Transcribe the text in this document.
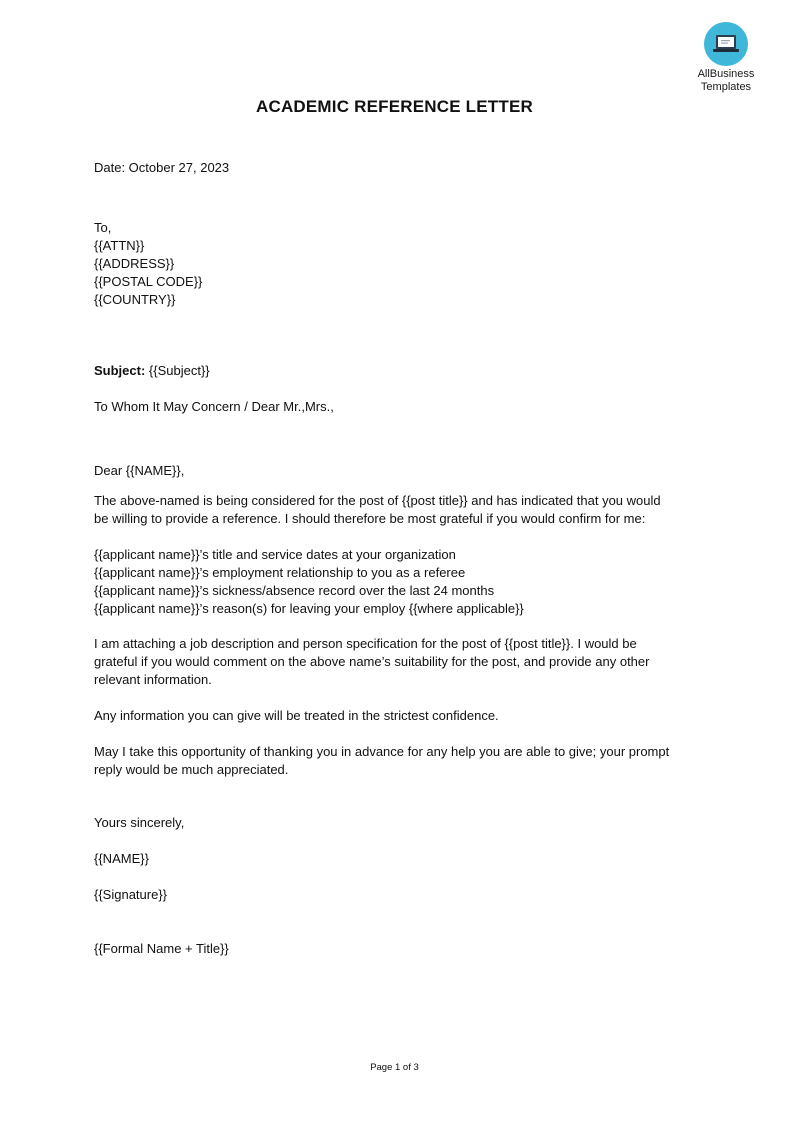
AllBusiness
Templates
ACADEMIC REFERENCE LETTER
Date: October 27, 2023
To,
{{ATTN}}
{{ADDRESS}}
{{POSTAL CODE}}
{{COUNTRY}}
Subject: {{Subject}}
To Whom It May Concern / Dear Mr.,Mrs.,
Dear {{NAME}},
The above-named is being considered for the post of {{post title}} and has indicated that you would
be willing to provide a reference. I should therefore be most grateful if you would confirm for me:
{{applicant name}}’s title and service dates at your organization
{{applicant name}}’s employment relationship to you as a referee
{{applicant name}}’s sickness/absence record over the last 24 months
{{applicant name}}’s reason(s) for leaving your employ {{where applicable}}
I am attaching a job description and person specification for the post of {{post title}}. I would be
grateful if you would comment on the above name’s suitability for the post, and provide any other
relevant information.
Any information you can give will be treated in the strictest confidence.
May I take this opportunity of thanking you in advance for any help you are able to give; your prompt
reply would be much appreciated.
Yours sincerely,
{{NAME}}
{{Signature}}
{{Formal Name + Title}}
Page 1 of 3
